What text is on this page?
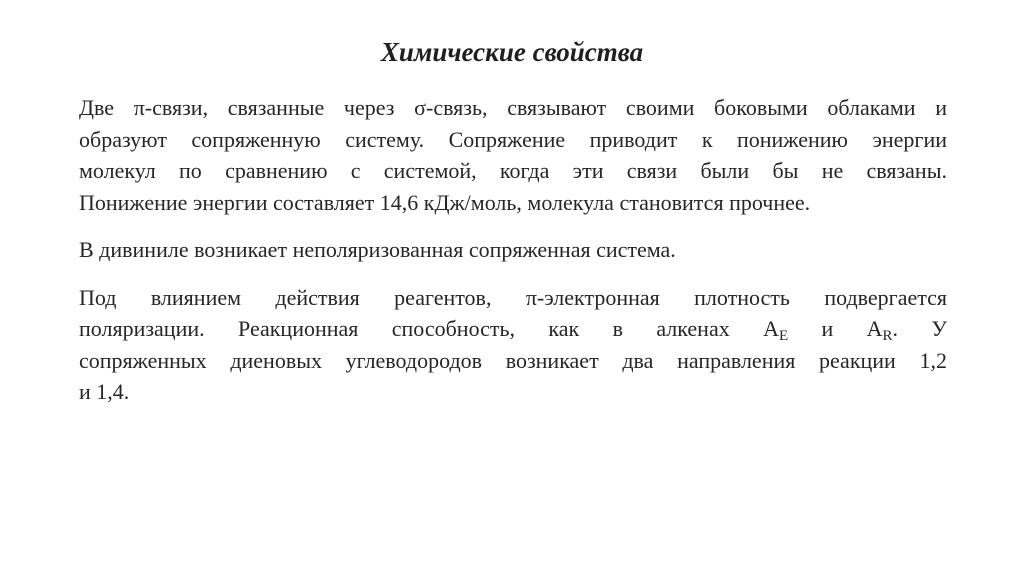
Химические свойства
Две π-связи, связанные через σ-связь, связывают своими боковыми облаками и
образуют сопряженную систему. Сопряжение приводит к понижению энергии
молекул по сравнению с системой, когда эти связи были бы не связаны.
Понижение энергии составляет 14,6 кДж/моль, молекула становится прочнее.
В дивиниле возникает неполяризованная сопряженная система.
Под влиянием действия реагентов, π-электронная плотность подвергается
поляризации. Реакционная способность, как в алкенах $А_E$ и $А_R$. У
сопряженных диеновых углеводородов возникает два направления реакции 1,2
и 1,4.
